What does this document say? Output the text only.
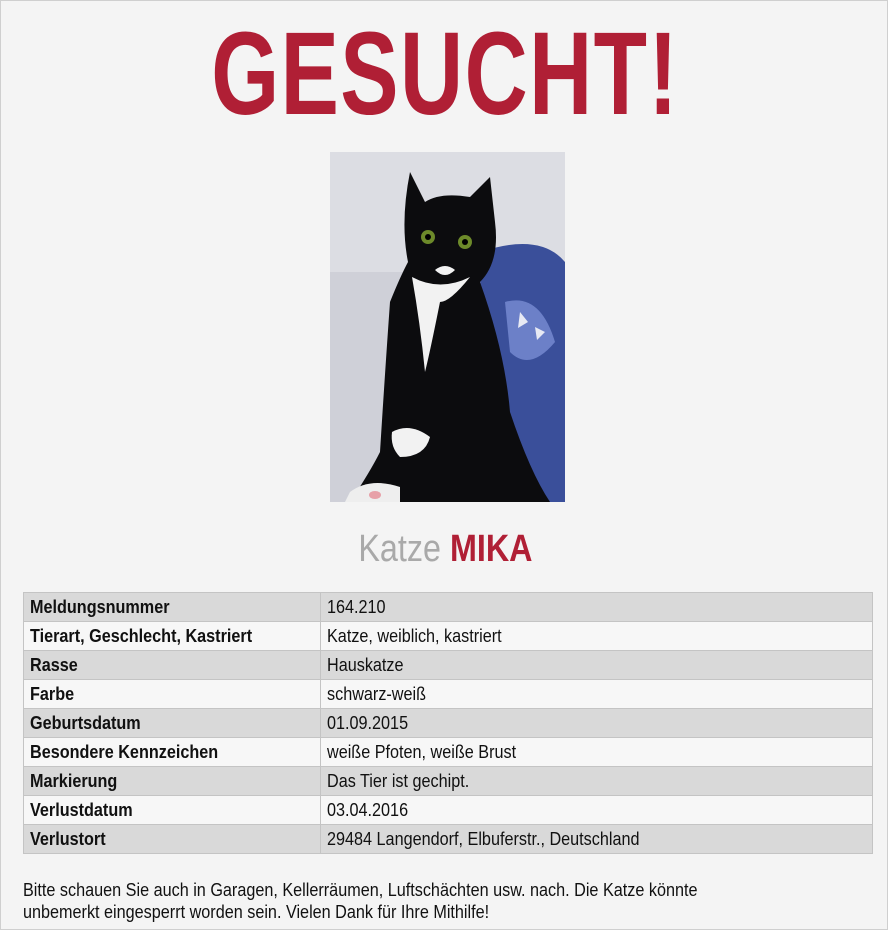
GESUCHT!
Katze MIKA
Meldungsnummer	164.210
Tierart, Geschlecht, Kastriert	Katze, weiblich, kastriert
Rasse	Hauskatze
Farbe	schwarz-weiß
Geburtsdatum	01.09.2015
Besondere Kennzeichen	weiße Pfoten, weiße Brust
Markierung	Das Tier ist gechipt.
Verlustdatum	03.04.2016
Verlustort	29484 Langendorf, Elbuferstr., Deutschland
Bitte schauen Sie auch in Garagen, Kellerräumen, Luftschächten usw. nach. Die Katze könnte
unbemerkt eingesperrt worden sein. Vielen Dank für Ihre Mithilfe!
